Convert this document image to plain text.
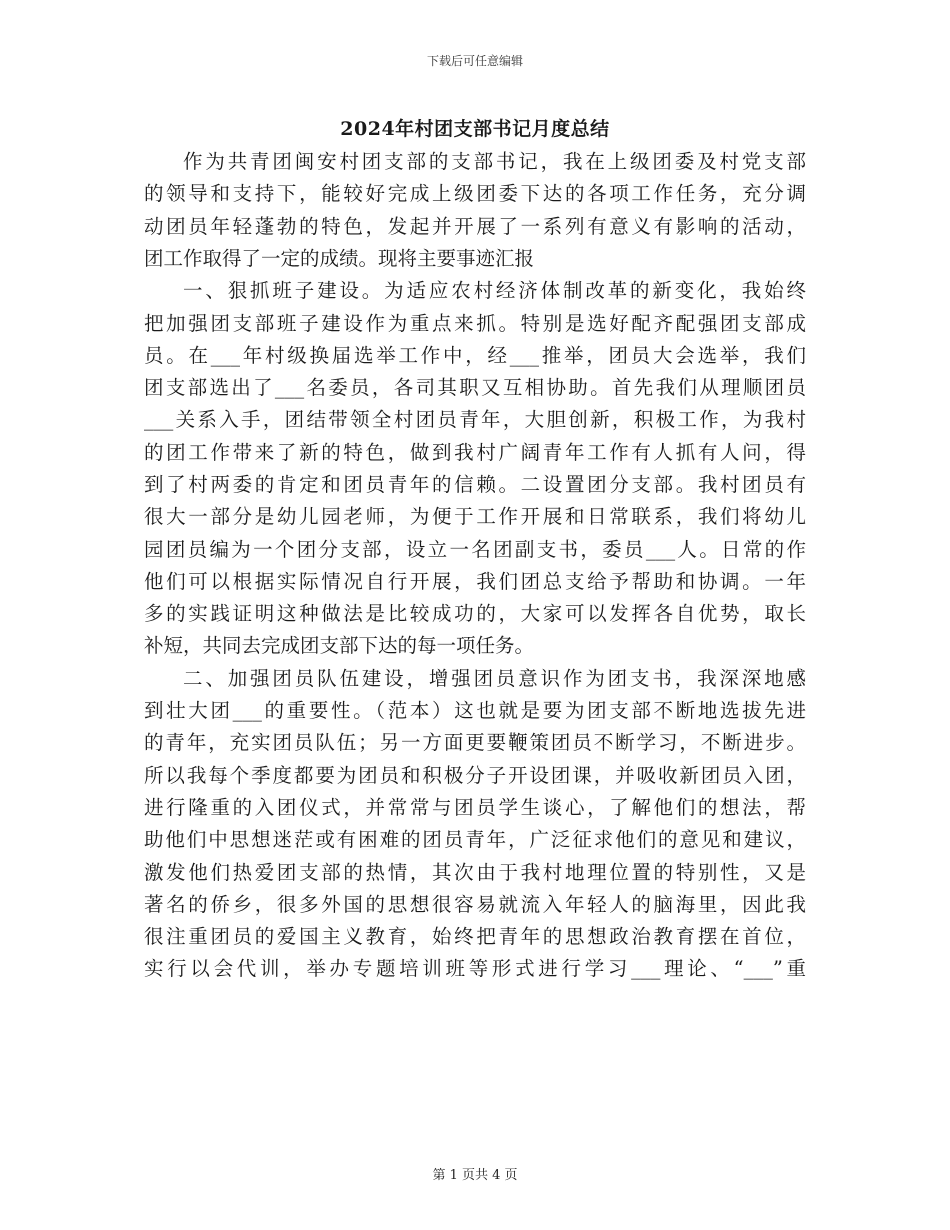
下载后可任意编辑
2024年村团支部书记月度总结
作为共青团闽安村团支部的支部书记，我在上级团委及村党支部
的领导和支持下，能较好完成上级团委下达的各项工作任务，充分调
动团员年轻蓬勃的特色，发起并开展了一系列有意义有影响的活动，
团工作取得了一定的成绩。现将主要事迹汇报
一、狠抓班子建设。为适应农村经济体制改革的新变化，我始终
把加强团支部班子建设作为重点来抓。特别是选好配齐配强团支部成
员。在___年村级换届选举工作中，经___推举，团员大会选举，我们
团支部选出了___名委员，各司其职又互相协助。首先我们从理顺团员
___关系入手，团结带领全村团员青年，大胆创新，积极工作，为我村
的团工作带来了新的特色，做到我村广阔青年工作有人抓有人问，得
到了村两委的肯定和团员青年的信赖。二设置团分支部。我村团员有
很大一部分是幼儿园老师，为便于工作开展和日常联系，我们将幼儿
园团员编为一个团分支部，设立一名团副支书，委员___人。日常的作
他们可以根据实际情况自行开展，我们团总支给予帮助和协调。一年
多的实践证明这种做法是比较成功的，大家可以发挥各自优势，取长
补短，共同去完成团支部下达的每一项任务。
二、加强团员队伍建设，增强团员意识作为团支书，我深深地感
到壮大团___的重要性。（范本）这也就是要为团支部不断地选拔先进
的青年，充实团员队伍；另一方面更要鞭策团员不断学习，不断进步。
所以我每个季度都要为团员和积极分子开设团课，并吸收新团员入团，
进行隆重的入团仪式，并常常与团员学生谈心，了解他们的想法，帮
助他们中思想迷茫或有困难的团员青年，广泛征求他们的意见和建议，
激发他们热爱团支部的热情，其次由于我村地理位置的特别性，又是
著名的侨乡，很多外国的思想很容易就流入年轻人的脑海里，因此我
很注重团员的爱国主义教育，始终把青年的思想政治教育摆在首位，
实行以会代训，举办专题培训班等形式进行学习___理论、“___”重
第 1 页共 4 页
